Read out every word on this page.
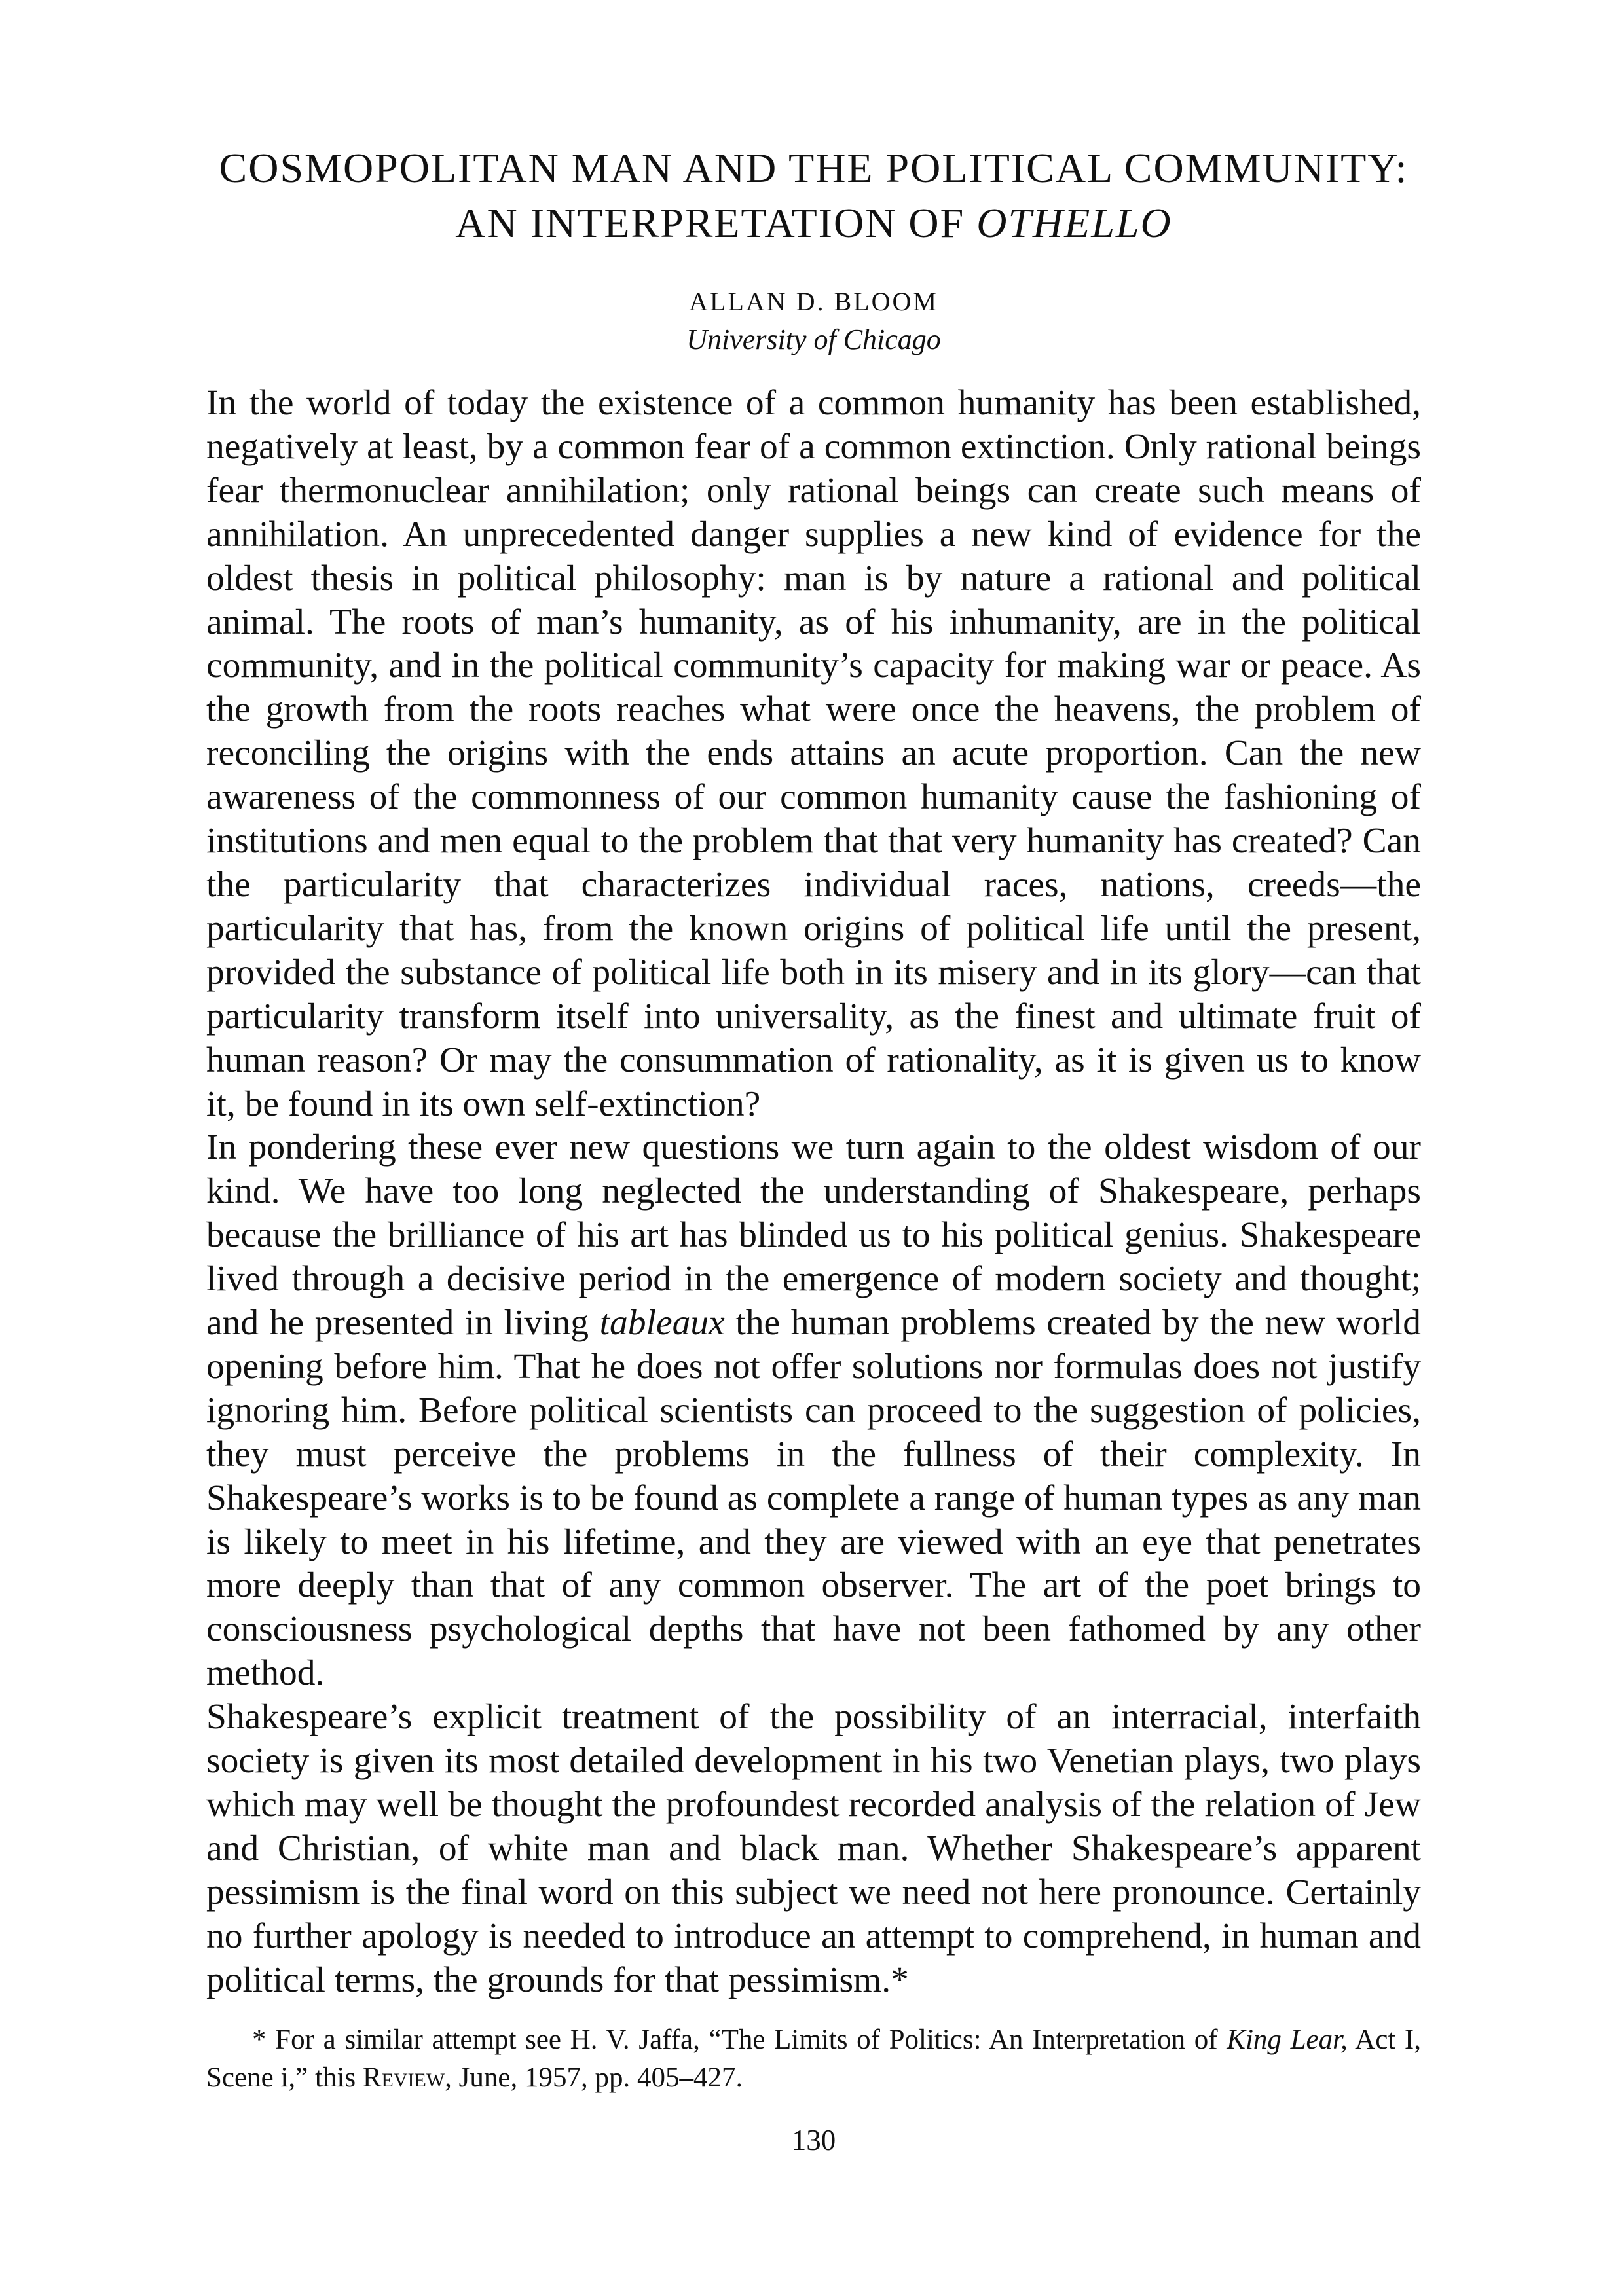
COSMOPOLITAN MAN AND THE POLITICAL COMMUNITY:
AN INTERPRETATION OF OTHELLO
ALLAN D. BLOOM
University of Chicago

In the world of today the existence of a common humanity has been established, negatively at least, by a common fear of a common extinction. Only rational beings fear thermonuclear annihilation; only rational beings can create such means of annihilation. An unprecedented danger supplies a new kind of evidence for the oldest thesis in political philosophy: man is by nature a rational and political animal. The roots of man’s humanity, as of his inhumanity, are in the political community, and in the political community’s capacity for making war or peace. As the growth from the roots reaches what were once the heavens, the problem of reconciling the origins with the ends attains an acute proportion. Can the new awareness of the commonness of our common humanity cause the fashioning of institutions and men equal to the problem that that very humanity has created? Can the particularity that characterizes individual races, nations, creeds—the particularity that has, from the known origins of political life until the present, provided the substance of political life both in its misery and in its glory—can that particularity transform itself into universality, as the finest and ultimate fruit of human reason? Or may the consummation of rationality, as it is given us to know it, be found in its own self-extinction?

In pondering these ever new questions we turn again to the oldest wisdom of our kind. We have too long neglected the understanding of Shakespeare, perhaps because the brilliance of his art has blinded us to his political genius. Shakespeare lived through a decisive period in the emergence of modern society and thought; and he presented in living tableaux the human problems created by the new world opening before him. That he does not offer solutions nor formulas does not justify ignoring him. Before political scientists can proceed to the suggestion of policies, they must perceive the problems in the fullness of their complexity. In Shakespeare’s works is to be found as complete a range of human types as any man is likely to meet in his lifetime, and they are viewed with an eye that penetrates more deeply than that of any common observer. The art of the poet brings to consciousness psychological depths that have not been fathomed by any other method.

Shakespeare’s explicit treatment of the possibility of an interracial, interfaith society is given its most detailed development in his two Venetian plays, two plays which may well be thought the profoundest recorded analysis of the relation of Jew and Christian, of white man and black man. Whether Shakespeare’s apparent pessimism is the final word on this subject we need not here pronounce. Certainly no further apology is needed to introduce an attempt to comprehend, in human and political terms, the grounds for that pessimism.*

* For a similar attempt see H. V. Jaffa, “The Limits of Politics: An Interpretation of King Lear, Act I, Scene i,” this Review, June, 1957, pp. 405–427.
130
